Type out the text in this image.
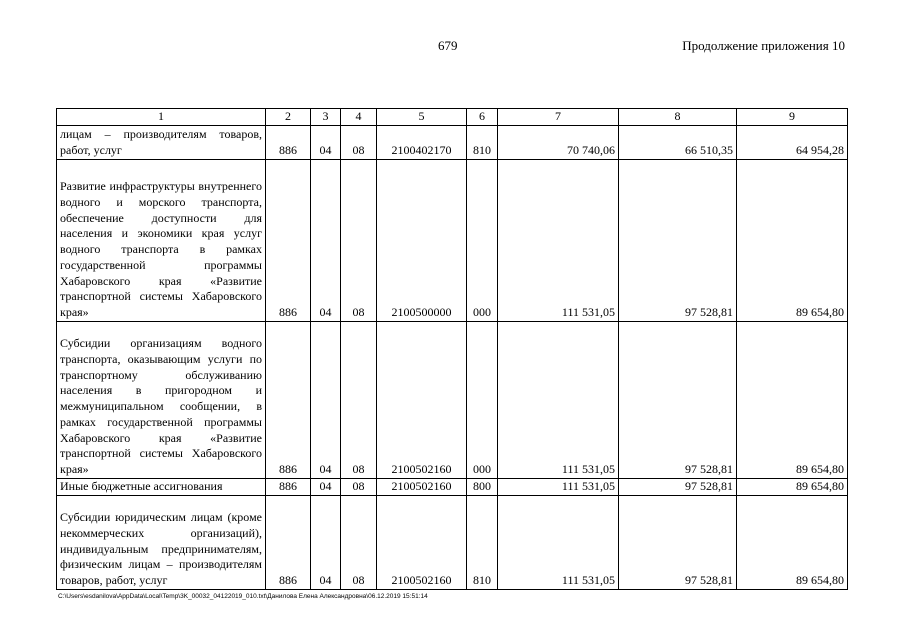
679	Продолжение приложения 10
1	2	3	4	5	6	7	8	9
лицам – производителям товаров, работ, услуг	886	04	08	2100402170	810	70 740,06	66 510,35	64 954,28
Развитие инфраструктуры внутреннего водного и морского транспорта, обеспечение доступности для населения и экономики края услуг водного транспорта в рамках государственной программы Хабаровского края «Развитие транспортной системы Хабаровского края»	886	04	08	2100500000	000	111 531,05	97 528,81	89 654,80
Субсидии организациям водного транспорта, оказывающим услуги по транспортному обслуживанию населения в пригородном и межмуниципальном сообщении, в рамках государственной программы Хабаровского края «Развитие транспортной системы Хабаровского края»	886	04	08	2100502160	000	111 531,05	97 528,81	89 654,80
Иные бюджетные ассигнования	886	04	08	2100502160	800	111 531,05	97 528,81	89 654,80
Субсидии юридическим лицам (кроме некоммерческих организаций), индивидуальным предпринимателям, физическим лицам – производителям товаров, работ, услуг	886	04	08	2100502160	810	111 531,05	97 528,81	89 654,80
C:\Users\esdanilova\AppData\Local\Temp\3K_00032_04122019_010.txt\Данилова Елена Александровна\06.12.2019 15:51:14
